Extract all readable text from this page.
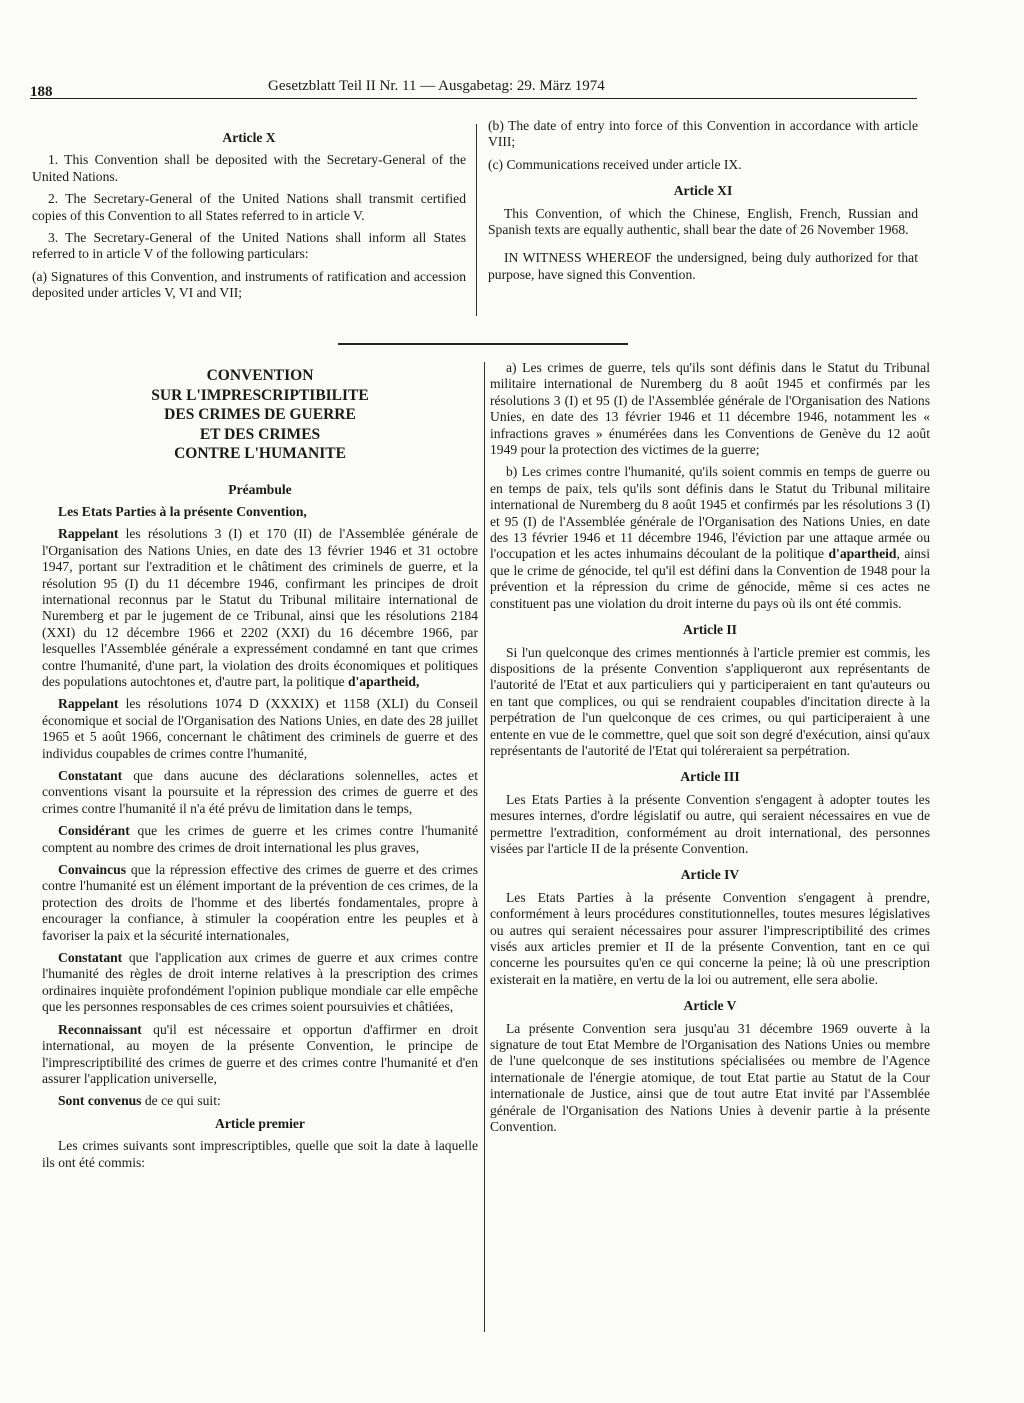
188	Gesetzblatt Teil II Nr. 11 — Ausgabetag: 29. März 1974
Article X

1. This Convention shall be deposited with the Secretary-General of the United Nations.

2. The Secretary-General of the United Nations shall transmit certified copies of this Convention to all States referred to in article V.

3. The Secretary-General of the United Nations shall inform all States referred to in article V of the following particulars:

(a) Signatures of this Convention, and instruments of ratification and accession deposited under articles V, VI and VII;

(b) The date of entry into force of this Convention in accordance with article VIII;

(c) Communications received under article IX.

Article XI

This Convention, of which the Chinese, English, French, Russian and Spanish texts are equally authentic, shall bear the date of 26 November 1968.

IN WITNESS WHEREOF the undersigned, being duly authorized for that purpose, have signed this Convention.

CONVENTION
SUR L'IMPRESCRIPTIBILITE
DES CRIMES DE GUERRE
ET DES CRIMES
CONTRE L'HUMANITE
Préambule

Les Etats Parties à la présente Convention,

Rappelant les résolutions 3 (I) et 170 (II) de l'Assemblée générale de l'Organisation des Nations Unies, en date des 13 février 1946 et 31 octobre 1947, portant sur l'extradition et le châtiment des criminels de guerre, et la résolution 95 (I) du 11 décembre 1946, confirmant les principes de droit international reconnus par le Statut du Tribunal militaire international de Nuremberg et par le jugement de ce Tribunal, ainsi que les résolutions 2184 (XXI) du 12 décembre 1966 et 2202 (XXI) du 16 décembre 1966, par lesquelles l'Assemblée générale a expressément condamné en tant que crimes contre l'humanité, d'une part, la violation des droits économiques et politiques des populations autochtones et, d'autre part, la politique d'apartheid,

Rappelant les résolutions 1074 D (XXXIX) et 1158 (XLI) du Conseil économique et social de l'Organisation des Nations Unies, en date des 28 juillet 1965 et 5 août 1966, concernant le châtiment des criminels de guerre et des individus coupables de crimes contre l'humanité,

Constatant que dans aucune des déclarations solennelles, actes et conventions visant la poursuite et la répression des crimes de guerre et des crimes contre l'humanité il n'a été prévu de limitation dans le temps,

Considérant que les crimes de guerre et les crimes contre l'humanité comptent au nombre des crimes de droit international les plus graves,

Convaincus que la répression effective des crimes de guerre et des crimes contre l'humanité est un élément important de la prévention de ces crimes, de la protection des droits de l'homme et des libertés fondamentales, propre à encourager la confiance, à stimuler la coopération entre les peuples et à favoriser la paix et la sécurité internationales,

Constatant que l'application aux crimes de guerre et aux crimes contre l'humanité des règles de droit interne relatives à la prescription des crimes ordinaires inquiète profondément l'opinion publique mondiale car elle empêche que les personnes responsables de ces crimes soient poursuivies et châtiées,

Reconnaissant qu'il est nécessaire et opportun d'affirmer en droit international, au moyen de la présente Convention, le principe de l'imprescriptibilité des crimes de guerre et des crimes contre l'humanité et d'en assurer l'application universelle,

Sont convenus de ce qui suit:

Article premier

Les crimes suivants sont imprescriptibles, quelle que soit la date à laquelle ils ont été commis:

a) Les crimes de guerre, tels qu'ils sont définis dans le Statut du Tribunal militaire international de Nuremberg du 8 août 1945 et confirmés par les résolutions 3 (I) et 95 (I) de l'Assemblée générale de l'Organisation des Nations Unies, en date des 13 février 1946 et 11 décembre 1946, notamment les « infractions graves » énumérées dans les Conventions de Genève du 12 août 1949 pour la protection des victimes de la guerre;

b) Les crimes contre l'humanité, qu'ils soient commis en temps de guerre ou en temps de paix, tels qu'ils sont définis dans le Statut du Tribunal militaire international de Nuremberg du 8 août 1945 et confirmés par les résolutions 3 (I) et 95 (I) de l'Assemblée générale de l'Organisation des Nations Unies, en date des 13 février 1946 et 11 décembre 1946, l'éviction par une attaque armée ou l'occupation et les actes inhumains découlant de la politique d'apartheid, ainsi que le crime de génocide, tel qu'il est défini dans la Convention de 1948 pour la prévention et la répression du crime de génocide, même si ces actes ne constituent pas une violation du droit interne du pays où ils ont été commis.

Article II

Si l'un quelconque des crimes mentionnés à l'article premier est commis, les dispositions de la présente Convention s'appliqueront aux représentants de l'autorité de l'Etat et aux particuliers qui y participeraient en tant qu'auteurs ou en tant que complices, ou qui se rendraient coupables d'incitation directe à la perpétration de l'un quelconque de ces crimes, ou qui participeraient à une entente en vue de le commettre, quel que soit son degré d'exécution, ainsi qu'aux représentants de l'autorité de l'Etat qui toléreraient sa perpétration.

Article III

Les Etats Parties à la présente Convention s'engagent à adopter toutes les mesures internes, d'ordre législatif ou autre, qui seraient nécessaires en vue de permettre l'extradition, conformément au droit international, des personnes visées par l'article II de la présente Convention.

Article IV

Les Etats Parties à la présente Convention s'engagent à prendre, conformément à leurs procédures constitutionnelles, toutes mesures législatives ou autres qui seraient nécessaires pour assurer l'imprescriptibilité des crimes visés aux articles premier et II de la présente Convention, tant en ce qui concerne les poursuites qu'en ce qui concerne la peine; là où une prescription existerait en la matière, en vertu de la loi ou autrement, elle sera abolie.

Article V

La présente Convention sera jusqu'au 31 décembre 1969 ouverte à la signature de tout Etat Membre de l'Organisation des Nations Unies ou membre de l'une quelconque de ses institutions spécialisées ou membre de l'Agence internationale de l'énergie atomique, de tout Etat partie au Statut de la Cour internationale de Justice, ainsi que de tout autre Etat invité par l'Assemblée générale de l'Organisation des Nations Unies à devenir partie à la présente Convention.
